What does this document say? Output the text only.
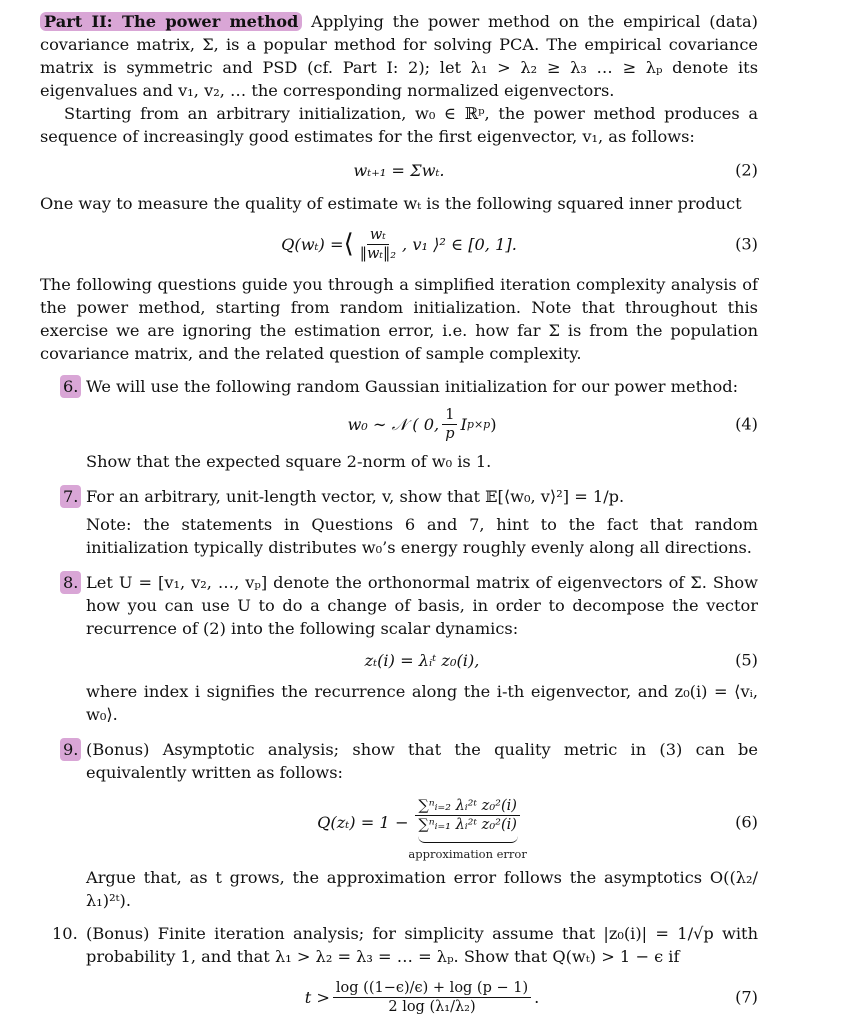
Part II: The power method Applying the power method on the empirical (data) covariance matrix, Σ, is a popular method for solving PCA. The empirical covariance matrix is symmetric and PSD (cf. Part I: 2); let λ₁ > λ₂ ≥ λ₃ … ≥ λₚ denote its eigenvalues and v₁, v₂, … the corresponding normalized eigenvectors.

Starting from an arbitrary initialization, w₀ ∈ ℝᵖ, the power method produces a sequence of increasingly good estimates for the first eigenvector, v₁, as follows:

wₜ₊₁ = Σwₜ.	(2)

One way to measure the quality of estimate wₜ is the following squared inner product

Q(wₜ) = ⟨ $\frac{\text{wₜ}}{\text{‖wₜ‖₂}}$ , v₁ ⟩² ∈ [0, 1].	(3)

The following questions guide you through a simplified iteration complexity analysis of the power method, starting from random initialization. Note that throughout this exercise we are ignoring the estimation error, i.e. how far Σ is from the population covariance matrix, and the related question of sample complexity.

6. We will use the following random Gaussian initialization for our power method:
w₀ ∼ 𝒩 ( 0, $\frac{1}{p}$ I p×p )	(4)
Show that the expected square 2-norm of w₀ is 1.
7. For an arbitrary, unit-length vector, v, show that 𝔼[⟨w₀, v⟩²] = 1/p.
Note: the statements in Questions 6 and 7, hint to the fact that random initialization typically distributes w₀’s energy roughly evenly along all directions.
8. Let U = [v₁, v₂, …, vₚ] denote the orthonormal matrix of eigenvectors of Σ. Show how you can use U to do a change of basis, in order to decompose the vector recurrence of (2) into the following scalar dynamics:
zₜ(i) = λᵢᵗ z₀(i),	(5)
where index i signifies the recurrence along the i-th eigenvector, and z₀(i) = ⟨vᵢ, w₀⟩.
9. (Bonus) Asymptotic analysis; show that the quality metric in (3) can be equivalently written as follows:
$Q(z_t) = 1 - \frac{\text{∑ⁿᵢ₌₂ λᵢ²ᵗ z₀²(i)}}{\text{∑ⁿᵢ₌₁ λᵢ²ᵗ z₀²(i)}}$
approximation error
(6)
Argue that, as t grows, the approximation error follows the asymptotics O((λ₂/λ₁)²ᵗ).
10. (Bonus) Finite iteration analysis; for simplicity assume that |z₀(i)| = 1/√p with probability 1, and that λ₁ > λ₂ = λ₃ = … = λₚ. Show that Q(wₜ) > 1 − ϵ if
$t > \frac{\log ((1-\epsilon)/\epsilon) + \log (p - 1)}{\text{2 log (λ₁/λ₂)}}$ .	(7)
